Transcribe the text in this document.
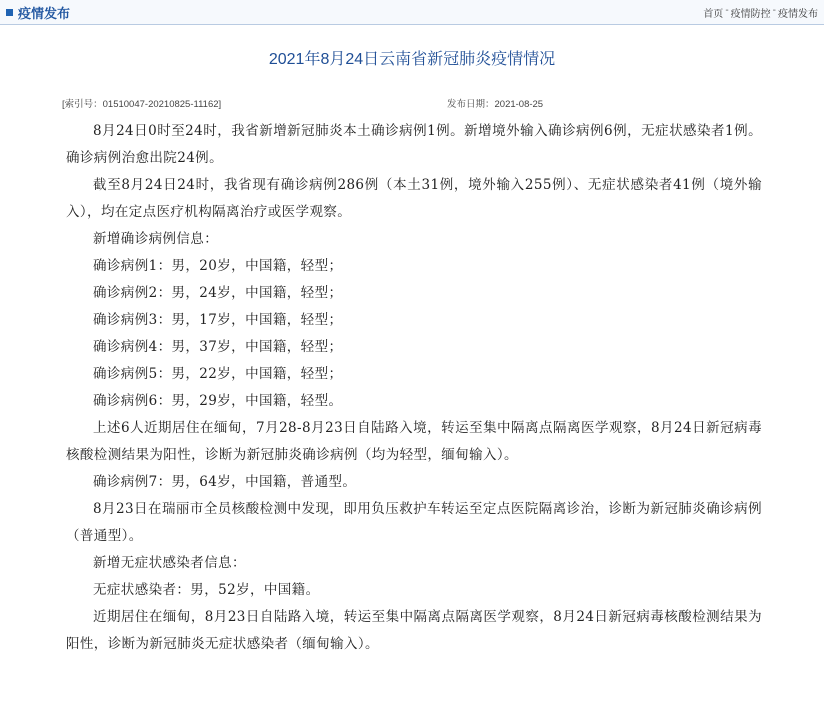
疫情发布	首页 - 疫情防控 - 疫情发布
2021年8月24日云南省新冠肺炎疫情情况
[索引号：01510047-20210825-11162]	发布日期：2021-08-25

8月24日0时至24时，我省新增新冠肺炎本土确诊病例1例。新增境外输入确诊病例6例，无症状感染者1例。确诊病例治愈出院24例。

截至8月24日24时，我省现有确诊病例286例（本土31例，境外输入255例）、无症状感染者41例（境外输入），均在定点医疗机构隔离治疗或医学观察。

新增确诊病例信息：

确诊病例1：男，20岁，中国籍，轻型；

确诊病例2：男，24岁，中国籍，轻型；

确诊病例3：男，17岁，中国籍，轻型；

确诊病例4：男，37岁，中国籍，轻型；

确诊病例5：男，22岁，中国籍，轻型；

确诊病例6：男，29岁，中国籍，轻型。

上述6人近期居住在缅甸，7月28-8月23日自陆路入境，转运至集中隔离点隔离医学观察，8月24日新冠病毒核酸检测结果为阳性，诊断为新冠肺炎确诊病例（均为轻型，缅甸输入）。

确诊病例7：男，64岁，中国籍，普通型。

8月23日在瑞丽市全员核酸检测中发现，即用负压救护车转运至定点医院隔离诊治，诊断为新冠肺炎确诊病例（普通型）。

新增无症状感染者信息：

无症状感染者：男，52岁，中国籍。

近期居住在缅甸，8月23日自陆路入境，转运至集中隔离点隔离医学观察，8月24日新冠病毒核酸检测结果为阳性，诊断为新冠肺炎无症状感染者（缅甸输入）。
